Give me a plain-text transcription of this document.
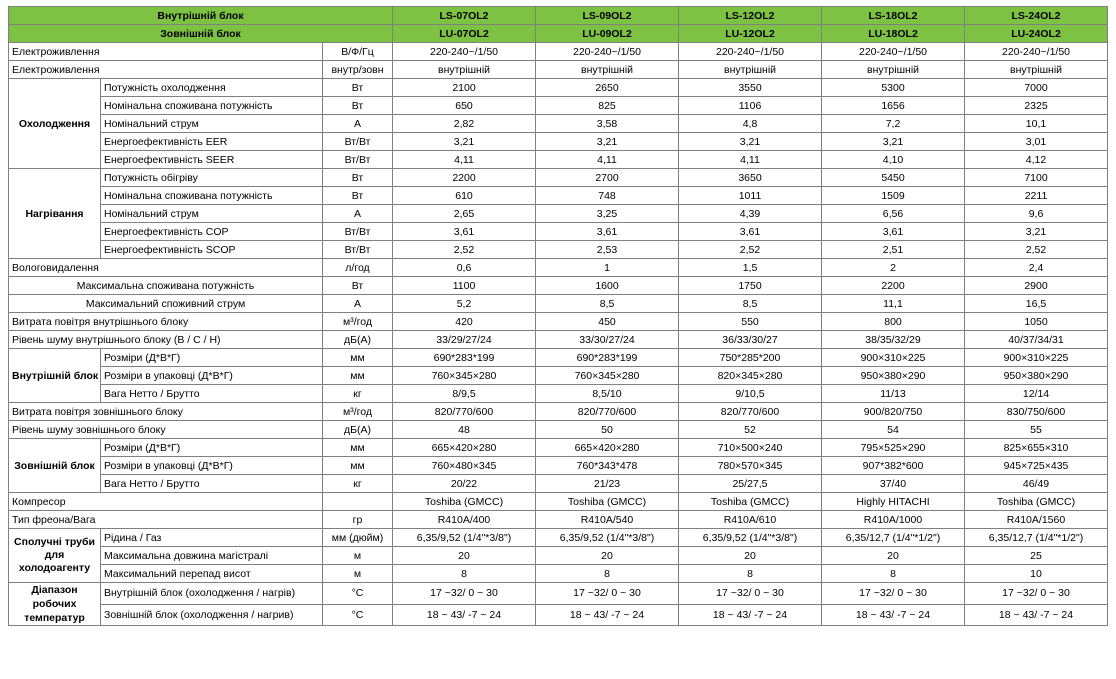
Внутрішній блок			LS-07OL2	LS-09OL2	LS-12OL2	LS-18OL2	LS-24OL2
Зовнішній блок			LU-07OL2	LU-09OL2	LU-12OL2	LU-18OL2	LU-24OL2
Електроживлення		В/Ф/Гц	220-240~/1/50	220-240~/1/50	220-240~/1/50	220-240~/1/50	220-240~/1/50
Електроживлення		внутр/зовн	внутрішній	внутрішній	внутрішній	внутрішній	внутрішній
Охолодження	Потужність охолодження	Вт	2100	2650	3550	5300	7000
	Номінальна споживана потужність	Вт	650	825	1106	1656	2325
	Номінальний струм	А	2,82	3,58	4,8	7,2	10,1
	Енергоефективність EER	Вт/Вт	3,21	3,21	3,21	3,21	3,01
	Енергоефективність SEER	Вт/Вт	4,11	4,11	4,11	4,10	4,12
Нагрівання	Потужність обігріву	Вт	2200	2700	3650	5450	7100
	Номінальна споживана потужність	Вт	610	748	1011	1509	2211
	Номінальний струм	А	2,65	3,25	4,39	6,56	9,6
	Енергоефективність COP	Вт/Вт	3,61	3,61	3,61	3,61	3,21
	Енергоефективність SCOP	Вт/Вт	2,52	2,53	2,52	2,51	2,52
Вологовидалення		л/год	0,6	1	1,5	2	2,4
Максимальна споживана потужність		Вт	1100	1600	1750	2200	2900
Максимальний споживний струм		А	5,2	8,5	8,5	11,1	16,5
Витрата повітря внутрішнього блоку		м³/год	420	450	550	800	1050
Рівень шуму внутрішнього блоку (В / С / Н)		дБ(А)	33/29/27/24	33/30/27/24	36/33/30/27	38/35/32/29	40/37/34/31
Внутрішній блок	Розміри (Д*В*Г)	мм	690*283*199	690*283*199	750*285*200	900×310×225	900×310×225
	Розміри в упаковці (Д*В*Г)	мм	760×345×280	760×345×280	820×345×280	950×380×290	950×380×290
	Вага Нетто / Брутто	кг	8/9,5	8,5/10	9/10,5	11/13	12/14
Витрата повітря зовнішнього блоку		м³/год	820/770/600	820/770/600	820/770/600	900/820/750	830/750/600
Рівень шуму зовнішнього блоку		дБ(А)	48	50	52	54	55
Зовнішній блок	Розміри (Д*В*Г)	мм	665×420×280	665×420×280	710×500×240	795×525×290	825×655×310
	Розміри в упаковці (Д*В*Г)	мм	760×480×345	760*343*478	780×570×345	907*382*600	945×725×435
	Вага Нетто / Брутто	кг	20/22	21/23	25/27,5	37/40	46/49
Компресор			Toshiba (GMCC)	Toshiba (GMCC)	Toshiba (GMCC)	Highly HITACHI	Toshiba (GMCC)
Тип фреона/Вага		гр	R410A/400	R410A/540	R410A/610	R410A/1000	R410A/1560
Сполучні труби для холодоагенту	Рідина / Газ	мм (дюйм)	6,35/9,52 (1/4"*3/8")	6,35/9,52 (1/4"*3/8")	6,35/9,52 (1/4"*3/8")	6,35/12,7 (1/4"*1/2")	6,35/12,7 (1/4"*1/2")
	Максимальна довжина магістралі	м	20	20	20	20	25
	Максимальний перепад висот	м	8	8	8	8	10
Діапазон робочих температур	Внутрішній блок (охолодження / нагрів)	°С	17 ~32/ 0 ~ 30	17 ~32/ 0 ~ 30	17 ~32/ 0 ~ 30	17 ~32/ 0 ~ 30	17 ~32/ 0 ~ 30
	Зовнішній блок (охолодження / нагрив)	°С	18 ~ 43/ -7 ~ 24	18 ~ 43/ -7 ~ 24	18 ~ 43/ -7 ~ 24	18 ~ 43/ -7 ~ 24	18 ~ 43/ -7 ~ 24
